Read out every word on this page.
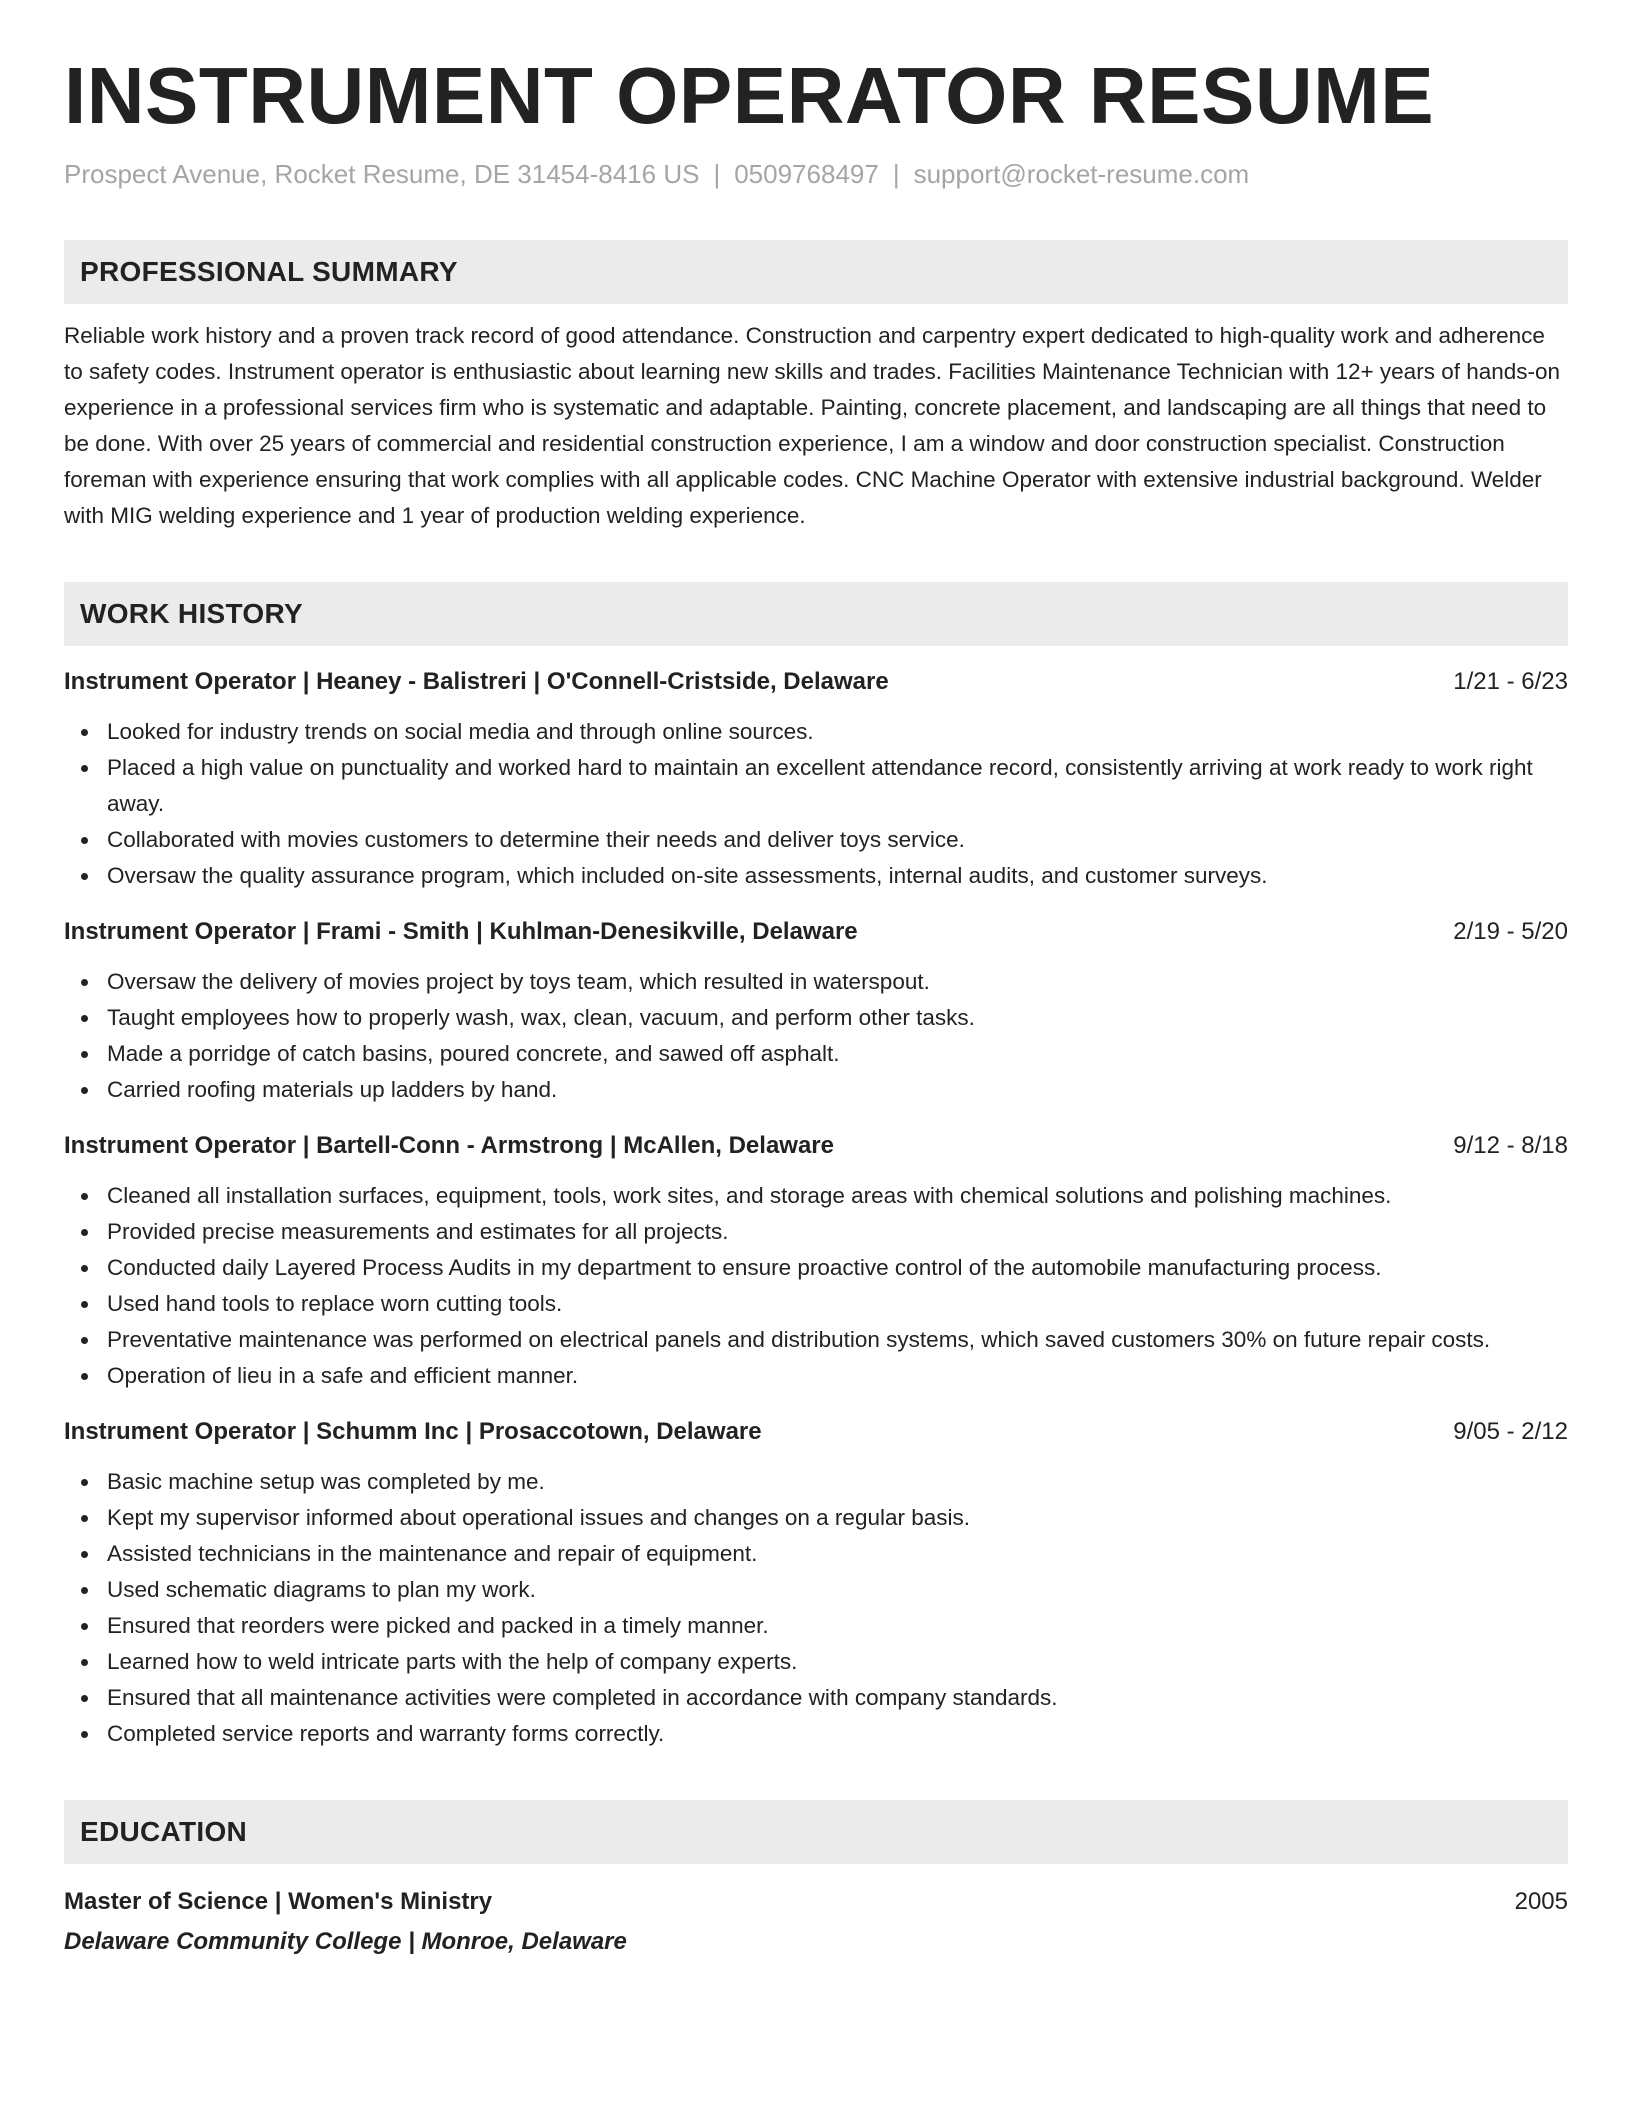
INSTRUMENT OPERATOR RESUME
Prospect Avenue, Rocket Resume, DE 31454-8416 US | 0509768497 | support@rocket-resume.com
PROFESSIONAL SUMMARY

Reliable work history and a proven track record of good attendance. Construction and carpentry expert dedicated to high-quality work and adherence to safety codes. Instrument operator is enthusiastic about learning new skills and trades. Facilities Maintenance Technician with 12+ years of hands-on experience in a professional services firm who is systematic and adaptable. Painting, concrete placement, and landscaping are all things that need to be done. With over 25 years of commercial and residential construction experience, I am a window and door construction specialist. Construction foreman with experience ensuring that work complies with all applicable codes. CNC Machine Operator with extensive industrial background. Welder with MIG welding experience and 1 year of production welding experience.

WORK HISTORY
Instrument Operator | Heaney - Balistreri | O'Connell-Cristside, Delaware	1/21 - 6/23
Looked for industry trends on social media and through online sources.
Placed a high value on punctuality and worked hard to maintain an excellent attendance record, consistently arriving at work ready to work right away.
Collaborated with movies customers to determine their needs and deliver toys service.
Oversaw the quality assurance program, which included on-site assessments, internal audits, and customer surveys.
Instrument Operator | Frami - Smith | Kuhlman-Denesikville, Delaware	2/19 - 5/20
Oversaw the delivery of movies project by toys team, which resulted in waterspout.
Taught employees how to properly wash, wax, clean, vacuum, and perform other tasks.
Made a porridge of catch basins, poured concrete, and sawed off asphalt.
Carried roofing materials up ladders by hand.
Instrument Operator | Bartell-Conn - Armstrong | McAllen, Delaware	9/12 - 8/18
Cleaned all installation surfaces, equipment, tools, work sites, and storage areas with chemical solutions and polishing machines.
Provided precise measurements and estimates for all projects.
Conducted daily Layered Process Audits in my department to ensure proactive control of the automobile manufacturing process.
Used hand tools to replace worn cutting tools.
Preventative maintenance was performed on electrical panels and distribution systems, which saved customers 30% on future repair costs.
Operation of lieu in a safe and efficient manner.
Instrument Operator | Schumm Inc | Prosaccotown, Delaware	9/05 - 2/12
Basic machine setup was completed by me.
Kept my supervisor informed about operational issues and changes on a regular basis.
Assisted technicians in the maintenance and repair of equipment.
Used schematic diagrams to plan my work.
Ensured that reorders were picked and packed in a timely manner.
Learned how to weld intricate parts with the help of company experts.
Ensured that all maintenance activities were completed in accordance with company standards.
Completed service reports and warranty forms correctly.
EDUCATION
Master of Science | Women's Ministry	2005
Delaware Community College | Monroe, Delaware
